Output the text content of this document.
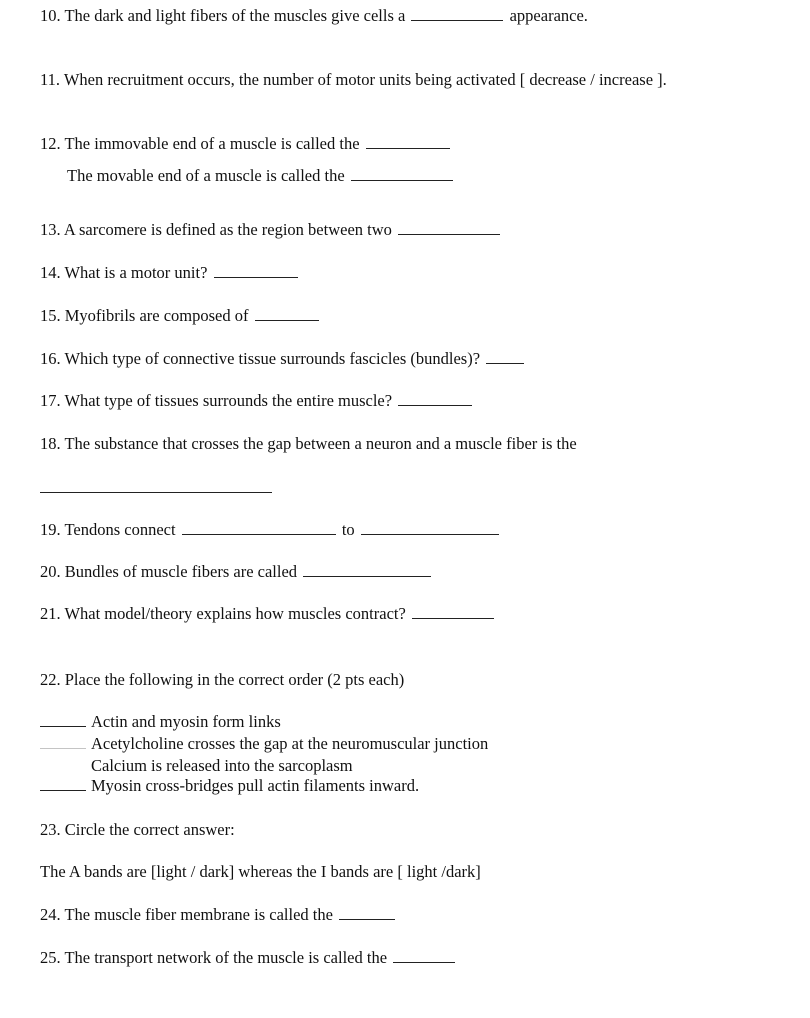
10. The dark and light fibers of the muscles give cells a	appearance.
11. When recruitment occurs, the number of motor units being activated [ decrease / increase ].
12. The immovable end of a muscle is called the
The movable end of a muscle is called the
13. A sarcomere is defined as the region between two
14. What is a motor unit?
15. Myofibrils are composed of
16. Which type of connective tissue surrounds fascicles (bundles)?
17. What type of tissues surrounds the entire muscle?
18. The substance that crosses the gap between a neuron and a muscle fiber is the
19. Tendons connect	to
20. Bundles of muscle fibers are called
21. What model/theory explains how muscles contract?
22. Place the following in the correct order (2 pts each)
Actin and myosin form links
Acetylcholine crosses the gap at the neuromuscular junction
Calcium is released into the sarcoplasm
Myosin cross-bridges pull actin filaments inward.
23. Circle the correct answer:
The A bands are [light / dark] whereas the I bands are [ light /dark]
24. The muscle fiber membrane is called the
25. The transport network of the muscle is called the
